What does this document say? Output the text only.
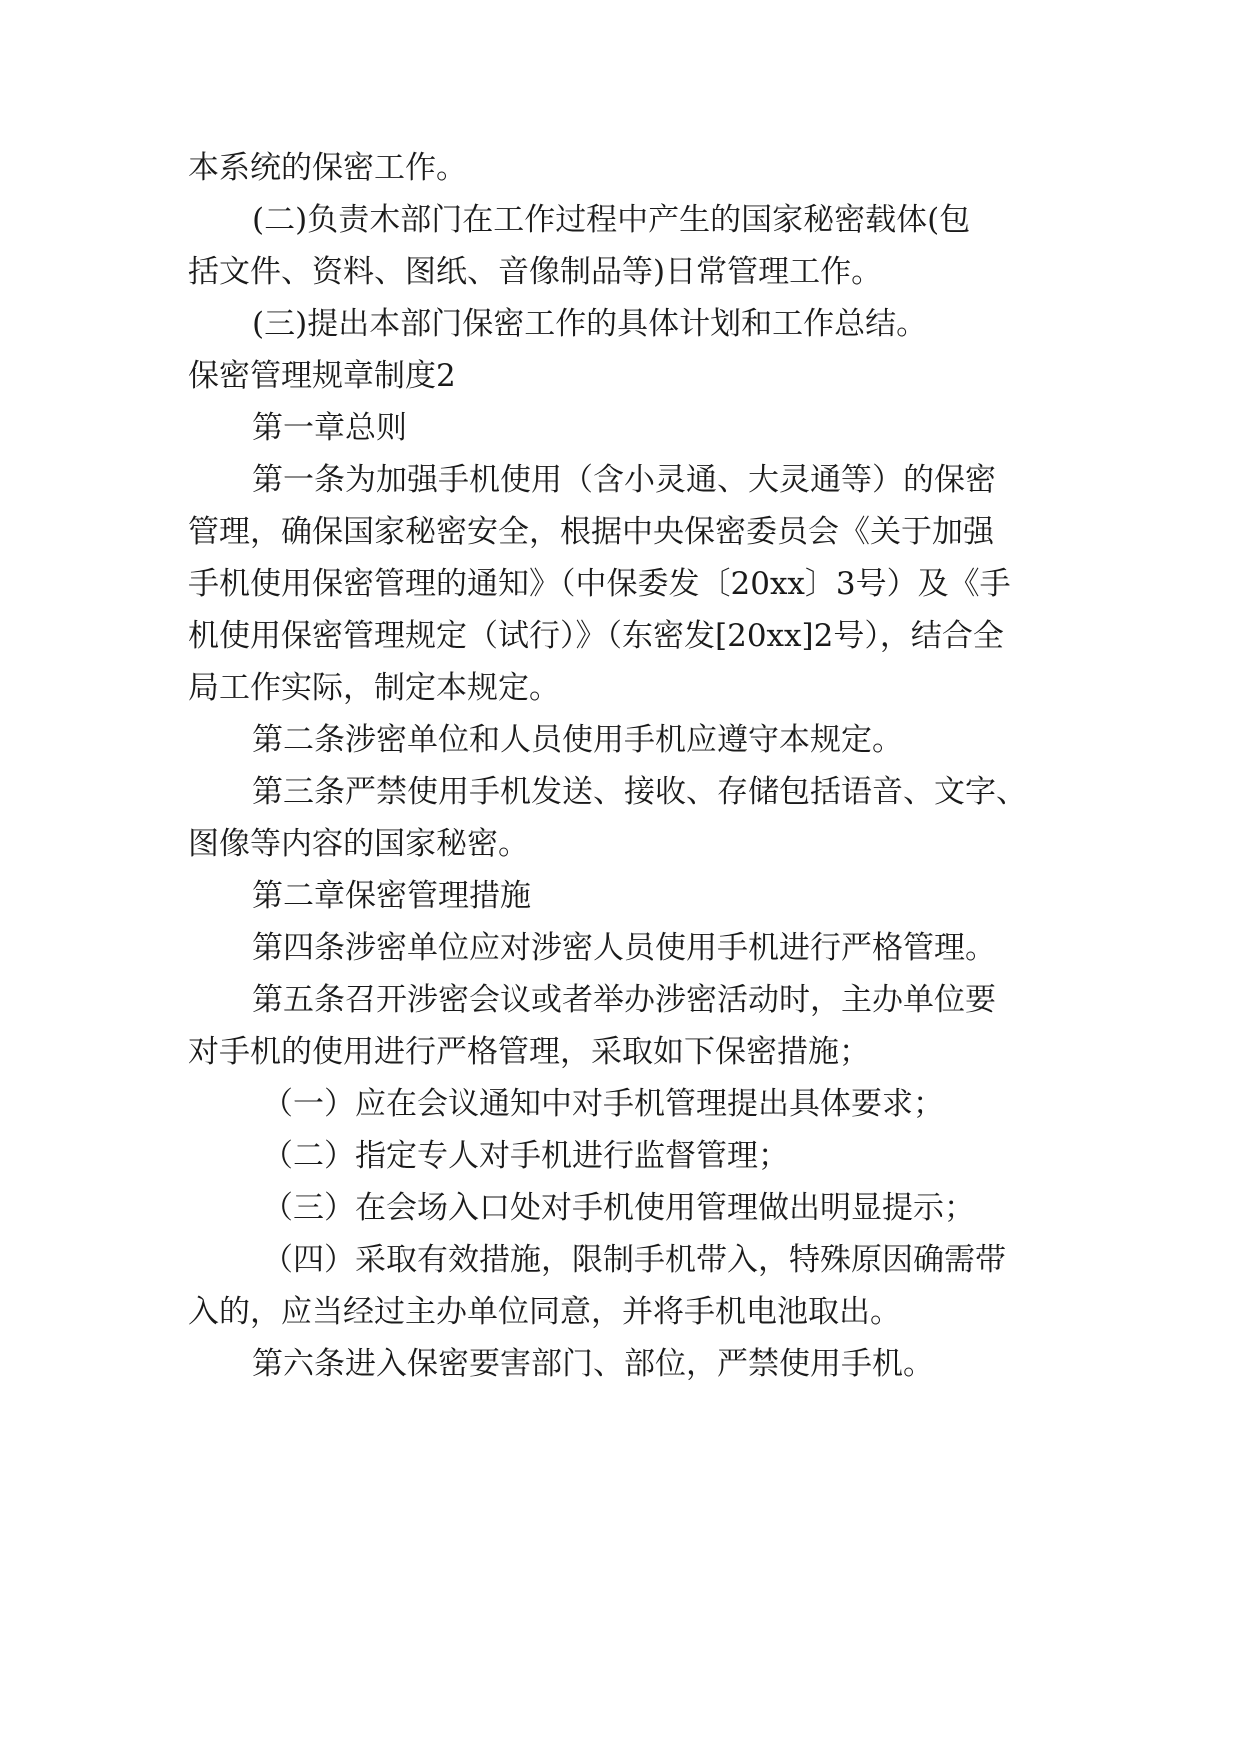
本系统的保密工作。
(二)负责木部门在工作过程中产生的国家秘密载体(包
括文件、资料、图纸、音像制品等)日常管理工作。
(三)提出本部门保密工作的具体计划和工作总结。
保密管理规章制度2
第一章总则
第一条为加强手机使用（含小灵通、大灵通等）的保密
管理，确保国家秘密安全，根据中央保密委员会《关于加强
手机使用保密管理的通知》（中保委发〔20xx〕3号）及《手
机使用保密管理规定（试行）》（东密发[20xx]2号），结合全
局工作实际，制定本规定。
第二条涉密单位和人员使用手机应遵守本规定。
第三条严禁使用手机发送、接收、存储包括语音、文字、
图像等内容的国家秘密。
第二章保密管理措施
第四条涉密单位应对涉密人员使用手机进行严格管理。
第五条召开涉密会议或者举办涉密活动时，主办单位要
对手机的使用进行严格管理，采取如下保密措施；
（一）应在会议通知中对手机管理提出具体要求；
（二）指定专人对手机进行监督管理；
（三）在会场入口处对手机使用管理做出明显提示；
（四）采取有效措施，限制手机带入，特殊原因确需带
入的，应当经过主办单位同意，并将手机电池取出。
第六条进入保密要害部门、部位，严禁使用手机。
